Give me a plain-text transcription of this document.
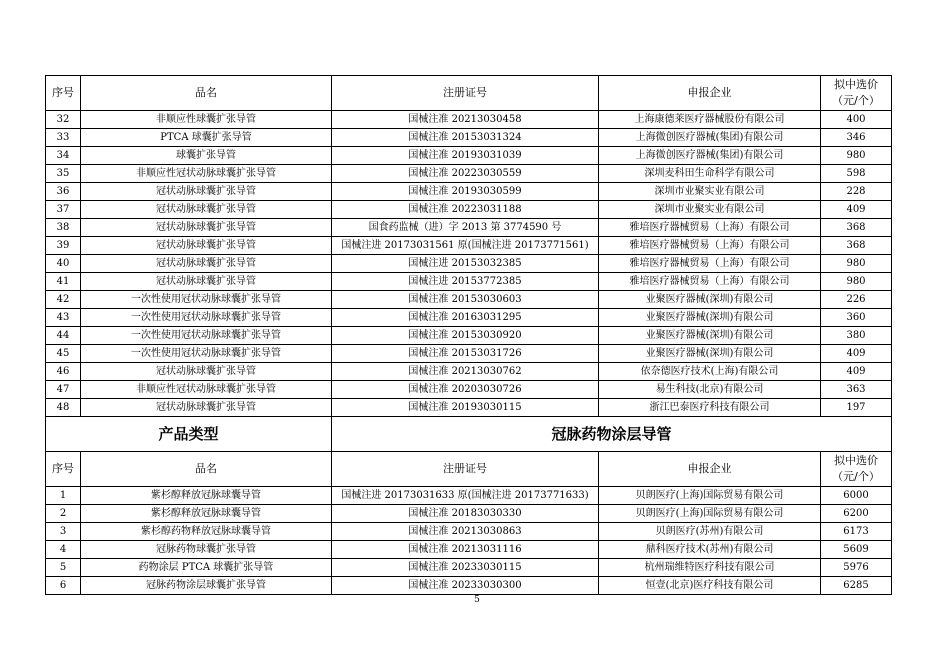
序号	品名	注册证号	申报企业	拟中选价
（元/个）
32	非顺应性球囊扩张导管	国械注准 20213030458	上海康德莱医疗器械股份有限公司	400
33	PTCA 球囊扩张导管	国械注准 20153031324	上海微创医疗器械(集团)有限公司	346
34	球囊扩张导管	国械注准 20193031039	上海微创医疗器械(集团)有限公司	980
35	非顺应性冠状动脉球囊扩张导管	国械注准 20223030559	深圳麦科田生命科学有限公司	598
36	冠状动脉球囊扩张导管	国械注准 20193030599	深圳市业聚实业有限公司	228
37	冠状动脉球囊扩张导管	国械注准 20223031188	深圳市业聚实业有限公司	409
38	冠状动脉球囊扩张导管	国食药监械（进）字 2013 第 3774590 号	雅培医疗器械贸易（上海）有限公司	368
39	冠状动脉球囊扩张导管	国械注进 20173031561 原(国械注进 20173771561)	雅培医疗器械贸易（上海）有限公司	368
40	冠状动脉球囊扩张导管	国械注进 20153032385	雅培医疗器械贸易（上海）有限公司	980
41	冠状动脉球囊扩张导管	国械注进 20153772385	雅培医疗器械贸易（上海）有限公司	980
42	一次性使用冠状动脉球囊扩张导管	国械注准 20153030603	业聚医疗器械(深圳)有限公司	226
43	一次性使用冠状动脉球囊扩张导管	国械注准 20163031295	业聚医疗器械(深圳)有限公司	360
44	一次性使用冠状动脉球囊扩张导管	国械注准 20153030920	业聚医疗器械(深圳)有限公司	380
45	一次性使用冠状动脉球囊扩张导管	国械注准 20153031726	业聚医疗器械(深圳)有限公司	409
46	冠状动脉球囊扩张导管	国械注准 20213030762	依奈德医疗技术(上海)有限公司	409
47	非顺应性冠状动脉球囊扩张导管	国械注准 20203030726	易生科技(北京)有限公司	363
48	冠状动脉球囊扩张导管	国械注准 20193030115	浙江巴泰医疗科技有限公司	197
产品类型		冠脉药物涂层导管		
序号	品名	注册证号	申报企业	拟中选价
（元/个）
1	紫杉醇释放冠脉球囊导管	国械注进 20173031633 原(国械注进 20173771633)	贝朗医疗(上海)国际贸易有限公司	6000
2	紫杉醇释放冠脉球囊导管	国械注准 20183030330	贝朗医疗(上海)国际贸易有限公司	6200
3	紫杉醇药物释放冠脉球囊导管	国械注准 20213030863	贝朗医疗(苏州)有限公司	6173
4	冠脉药物球囊扩张导管	国械注准 20213031116	鼎科医疗技术(苏州)有限公司	5609
5	药物涂层 PTCA 球囊扩张导管	国械注准 20233030115	杭州瑞维特医疗科技有限公司	5976
6	冠脉药物涂层球囊扩张导管	国械注准 20233030300	恒壹(北京)医疗科技有限公司	6285
5
